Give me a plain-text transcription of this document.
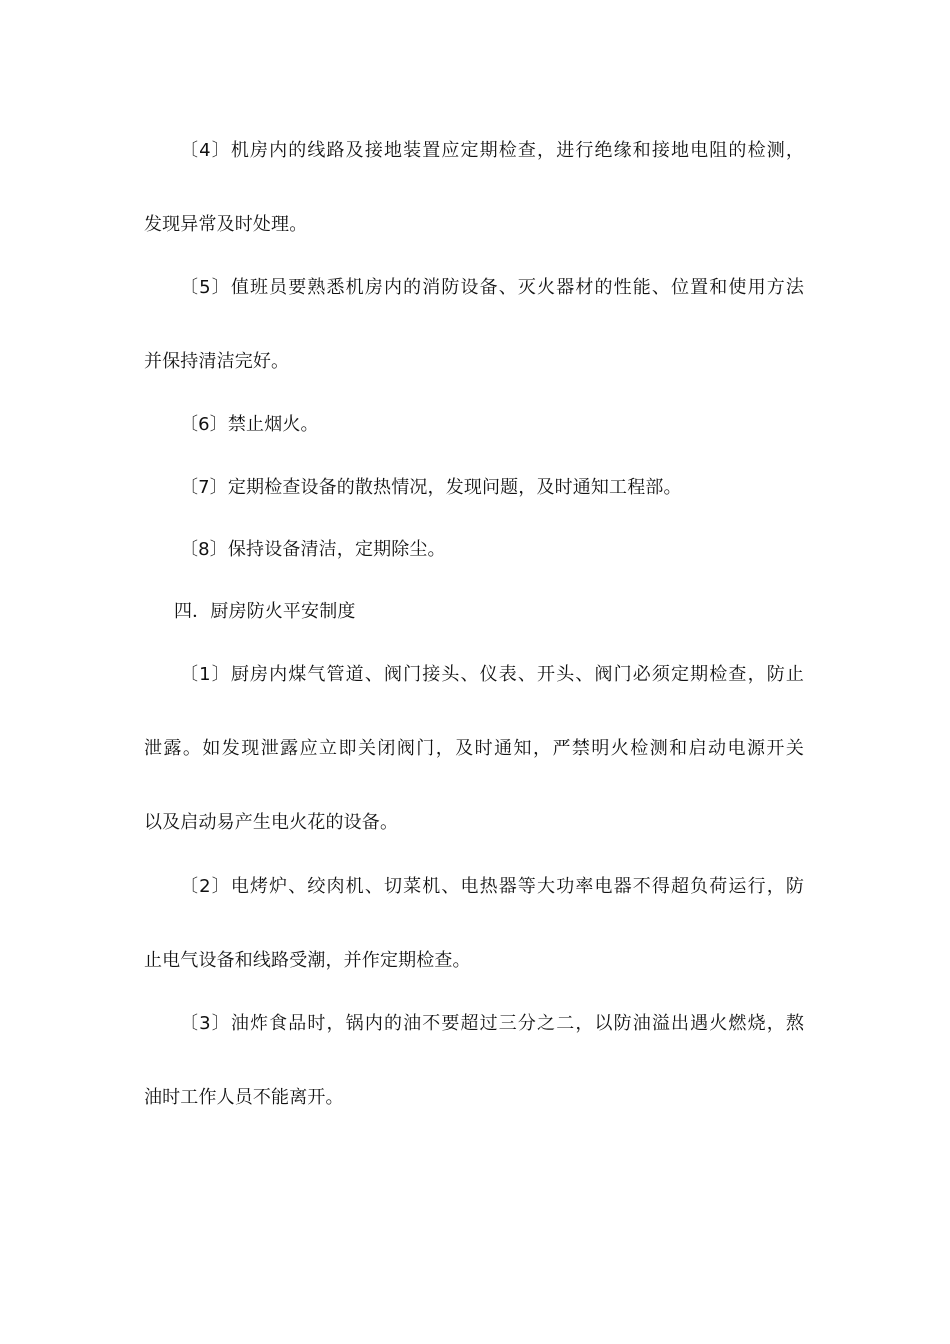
〔4〕机房内的线路及接地装置应定期检查，进行绝缘和接地电阻的检测，
发现异常及时处理。
〔5〕值班员要熟悉机房内的消防设备、灭火器材的性能、位置和使用方法
并保持清洁完好。
〔6〕禁止烟火。
〔7〕定期检查设备的散热情况，发现问题，及时通知工程部。
〔8〕保持设备清洁，定期除尘。
四．厨房防火平安制度
〔1〕厨房内煤气管道、阀门接头、仪表、开头、阀门必须定期检查，防止
泄露。如发现泄露应立即关闭阀门，及时通知，严禁明火检测和启动电源开关
以及启动易产生电火花的设备。
〔2〕电烤炉、绞肉机、切菜机、电热器等大功率电器不得超负荷运行，防
止电气设备和线路受潮，并作定期检查。
〔3〕油炸食品时，锅内的油不要超过三分之二，以防油溢出遇火燃烧，熬
油时工作人员不能离开。
